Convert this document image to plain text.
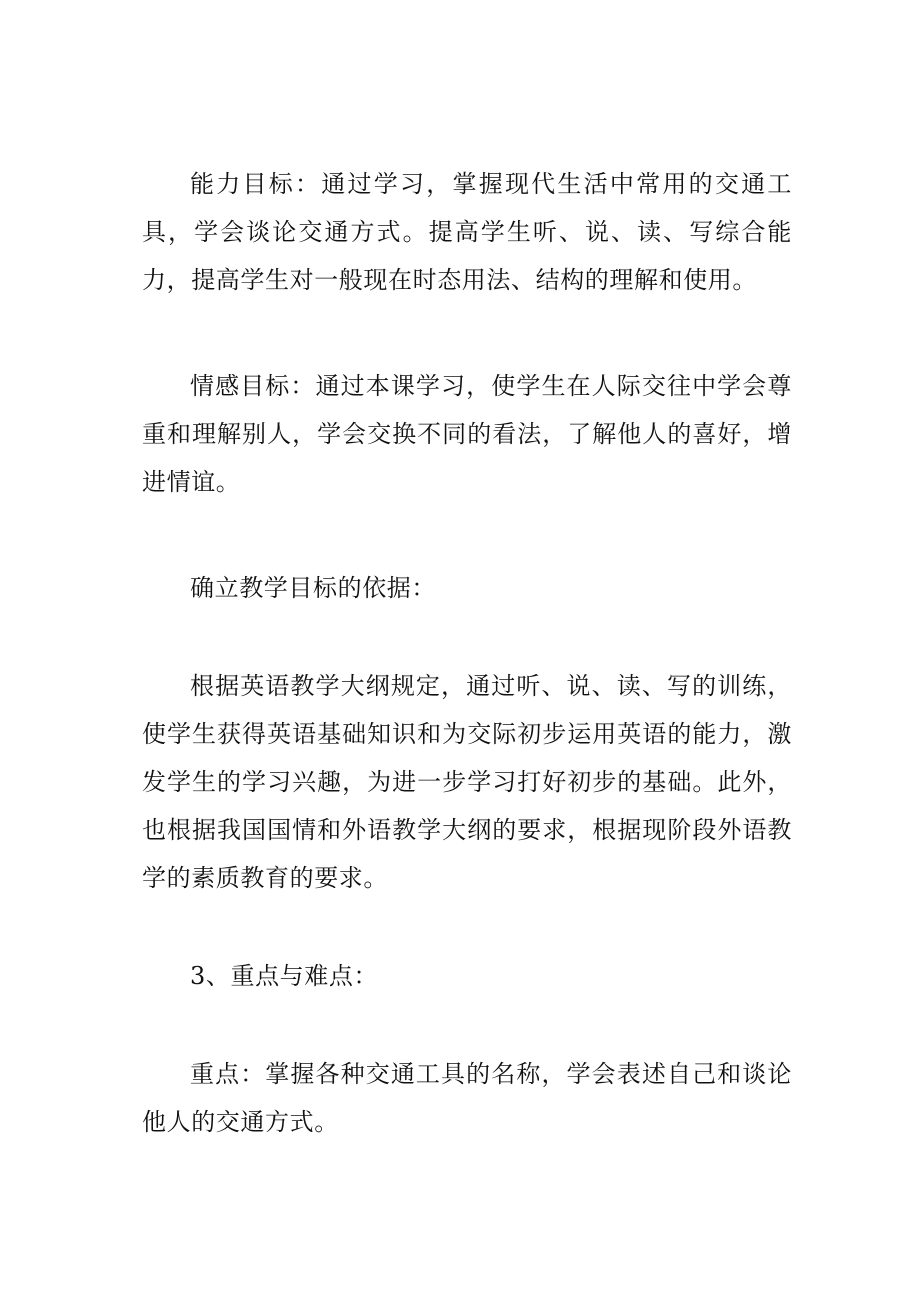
能力目标：通过学习，掌握现代生活中常用的交通工具，学会谈论交通方式。提高学生听、说、读、写综合能力，提高学生对一般现在时态用法、结构的理解和使用。

情感目标：通过本课学习，使学生在人际交往中学会尊重和理解别人，学会交换不同的看法，了解他人的喜好，增进情谊。

确立教学目标的依据：

根据英语教学大纲规定，通过听、说、读、写的训练，使学生获得英语基础知识和为交际初步运用英语的能力，激发学生的学习兴趣，为进一步学习打好初步的基础。此外，也根据我国国情和外语教学大纲的要求，根据现阶段外语教学的素质教育的要求。

3、重点与难点：

重点：掌握各种交通工具的名称，学会表述自己和谈论他人的交通方式。
